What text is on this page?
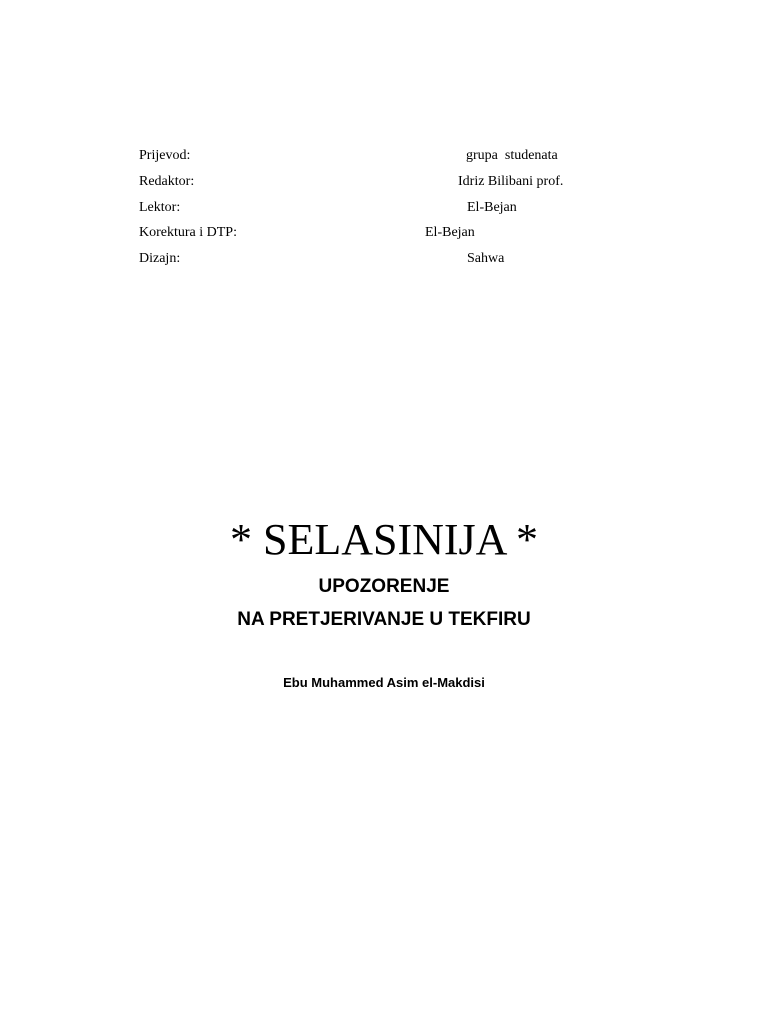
Prijevod:	grupa  studenata
Redaktor:	Idriz Bilibani prof.
Lektor:	El-Bejan
Korektura i DTP:	El-Bejan
Dizajn:	Sahwa
* SELASINIJA *
UPOZORENJE
NA PRETJERIVANJE U TEKFIRU
Ebu Muhammed Asim el-Makdisi
